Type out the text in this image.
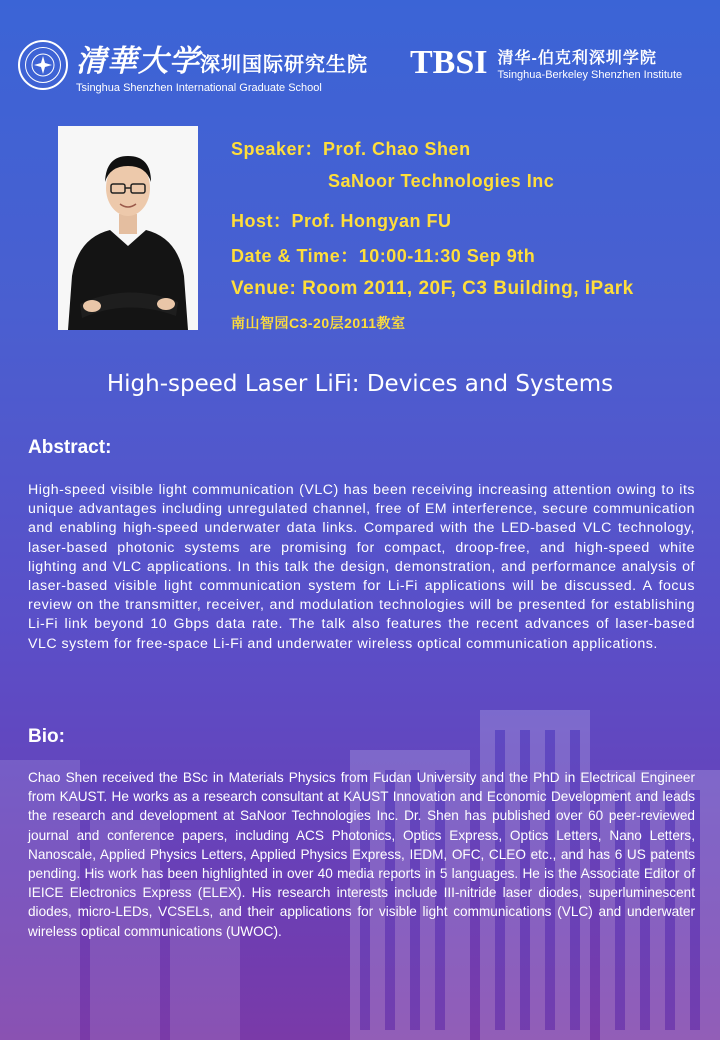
清華大学深圳国际研究生院
Tsinghua Shenzhen International Graduate School
TBSI 清华-伯克利深圳学院
Tsinghua-Berkeley Shenzhen Institute
Speaker：Prof. Chao Shen
SaNoor Technologies Inc
Host：Prof. Hongyan FU
Date & Time：10:00-11:30 Sep 9th
Venue: Room 2011, 20F, C3 Building, iPark
南山智园C3-20层2011教室
High-speed Laser LiFi: Devices and Systems
Abstract:
High-speed visible light communication (VLC) has been receiving increasing attention owing to its unique advantages including unregulated channel, free of EM interference, secure communication and enabling high-speed underwater data links. Compared with the LED-based VLC technology, laser-based photonic systems are promising for compact, droop-free, and high-speed white lighting and VLC applications. In this talk the design, demonstration, and performance analysis of laser-based visible light communication system for Li-Fi applications will be discussed. A focus review on the transmitter, receiver, and modulation technologies will be presented for establishing Li-Fi link beyond 10 Gbps data rate. The talk also features the recent advances of laser-based VLC system for free-space Li-Fi and underwater wireless optical communication applications.
Bio:
Chao Shen received the BSc in Materials Physics from Fudan University and the PhD in Electrical Engineer from KAUST. He works as a research consultant at KAUST Innovation and Economic Development and leads the research and development at SaNoor Technologies Inc. Dr. Shen has published over 60 peer-reviewed journal and conference papers, including ACS Photonics, Optics Express, Optics Letters, Nano Letters, Nanoscale, Applied Physics Letters, Applied Physics Express, IEDM, OFC, CLEO etc., and has 6 US patents pending. His work has been highlighted in over 40 media reports in 5 languages. He is the Associate Editor of IEICE Electronics Express (ELEX). His research interests include III-nitride laser diodes, superluminescent diodes, micro-LEDs, VCSELs, and their applications for visible light communications (VLC) and underwater wireless optical communications (UWOC).
